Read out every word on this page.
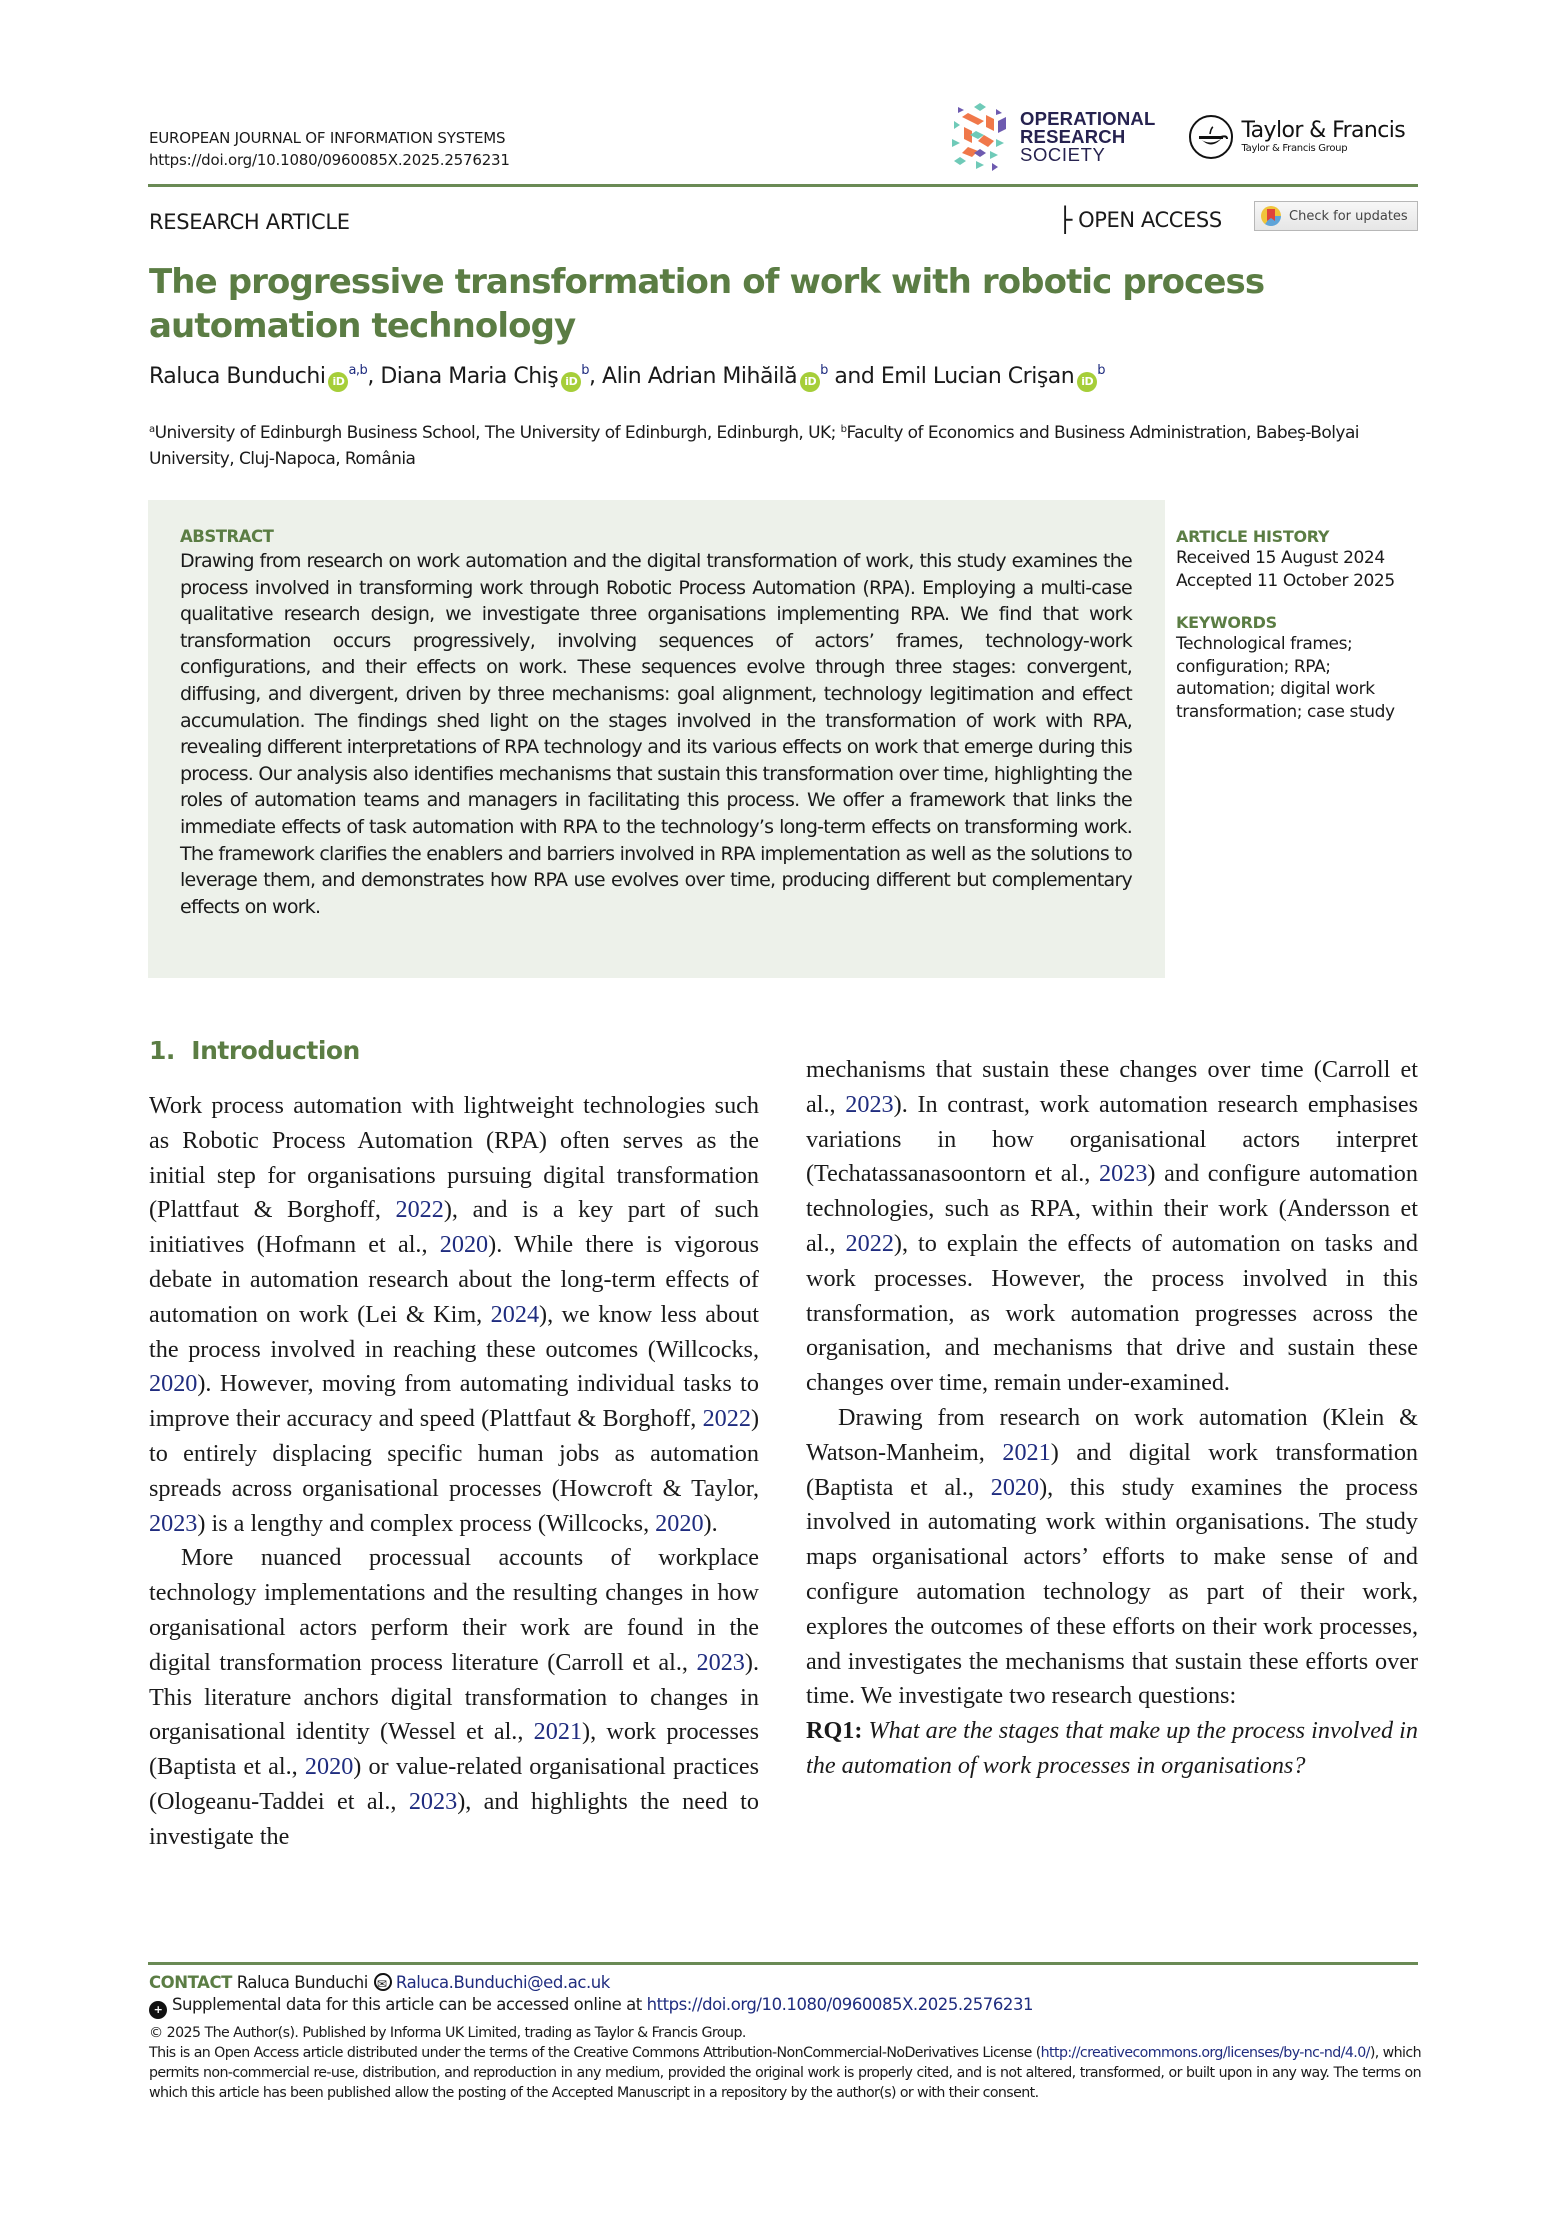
EUROPEAN JOURNAL OF INFORMATION SYSTEMS
https://doi.org/10.1080/0960085X.2025.2576231
OPERATIONAL
RESEARCH
SOCIETY
Taylor & Francis
Taylor & Francis Group
RESEARCH ARTICLE	├ OPEN ACCESS	Check for updates
The progressive transformation of work with robotic process automation technology
Raluca Bunduchi iD$^{a,b}$, Diana Maria Chiş $iD^b$, Alin Adrian Mihăilă $iD^b$ and Emil Lucian Crişan $iD^b$
$^a$University of Edinburgh Business School, The University of Edinburgh, Edinburgh, UK; $^b$Faculty of Economics and Business Administration, Babeş-Bolyai University, Cluj-Napoca, România
ABSTRACT
Drawing from research on work automation and the digital transformation of work, this study examines the process involved in transforming work through Robotic Process Automation (RPA). Employing a multi-case qualitative research design, we investigate three organisations implementing RPA. We find that work transformation occurs progressively, involving sequences of actors’ frames, technology-work configurations, and their effects on work. These sequences evolve through three stages: convergent, diffusing, and divergent, driven by three mechanisms: goal alignment, technology legitimation and effect accumulation. The findings shed light on the stages involved in the transformation of work with RPA, revealing different interpretations of RPA technology and its various effects on work that emerge during this process. Our analysis also identifies mechanisms that sustain this transformation over time, highlighting the roles of automation teams and managers in facilitating this process. We offer a framework that links the immediate effects of task automation with RPA to the technology’s long-term effects on transforming work. The framework clarifies the enablers and barriers involved in RPA implementation as well as the solutions to leverage them, and demonstrates how RPA use evolves over time, producing different but complementary effects on work.
ARTICLE HISTORY
Received 15 August 2024
Accepted 11 October 2025
KEYWORDS
Technological frames; configuration; RPA; automation; digital work transformation; case study
1.  Introduction

Work process automation with lightweight technologies such as Robotic Process Automation (RPA) often serves as the initial step for organisations pursuing digital transformation (Plattfaut & Borghoff, 2022), and is a key part of such initiatives (Hofmann et al., 2020). While there is vigorous debate in automation research about the long-term effects of automation on work (Lei & Kim, 2024), we know less about the process involved in reaching these outcomes (Willcocks, 2020). However, moving from automating individual tasks to improve their accuracy and speed (Plattfaut & Borghoff, 2022) to entirely displacing specific human jobs as automation spreads across organisational processes (Howcroft & Taylor, 2023) is a lengthy and complex process (Willcocks, 2020).

More nuanced processual accounts of workplace technology implementations and the resulting changes in how organisational actors perform their work are found in the digital transformation process literature (Carroll et al., 2023). This literature anchors digital transformation to changes in organisational identity (Wessel et al., 2021), work processes (Baptista et al., 2020) or value-related organisational practices (Ologeanu-Taddei et al., 2023), and highlights the need to investigate the

mechanisms that sustain these changes over time (Carroll et al., 2023). In contrast, work automation research emphasises variations in how organisational actors interpret (Techatassanasoontorn et al., 2023) and configure automation technologies, such as RPA, within their work (Andersson et al., 2022), to explain the effects of automation on tasks and work processes. However, the process involved in this transformation, as work automation progresses across the organisation, and mechanisms that drive and sustain these changes over time, remain under-examined.

Drawing from research on work automation (Klein & Watson-Manheim, 2021) and digital work transformation (Baptista et al., 2020), this study examines the process involved in automating work within organisations. The study maps organisational actors’ efforts to make sense of and configure automation technology as part of their work, explores the outcomes of these efforts on their work processes, and investigates the mechanisms that sustain these efforts over time. We investigate two research questions:

RQ1: What are the stages that make up the process involved in the automation of work processes in organisations?

CONTACT Raluca Bunduchi ✉ Raluca.Bunduchi@ed.ac.uk
+ Supplemental data for this article can be accessed online at https://doi.org/10.1080/0960085X.2025.2576231
© 2025 The Author(s). Published by Informa UK Limited, trading as Taylor & Francis Group.
This is an Open Access article distributed under the terms of the Creative Commons Attribution-NonCommercial-NoDerivatives License (http://creativecommons.org/licenses/by-nc-nd/4.0/), which permits non-commercial re-use, distribution, and reproduction in any medium, provided the original work is properly cited, and is not altered, transformed, or built upon in any way. The terms on which this article has been published allow the posting of the Accepted Manuscript in a repository by the author(s) or with their consent.
